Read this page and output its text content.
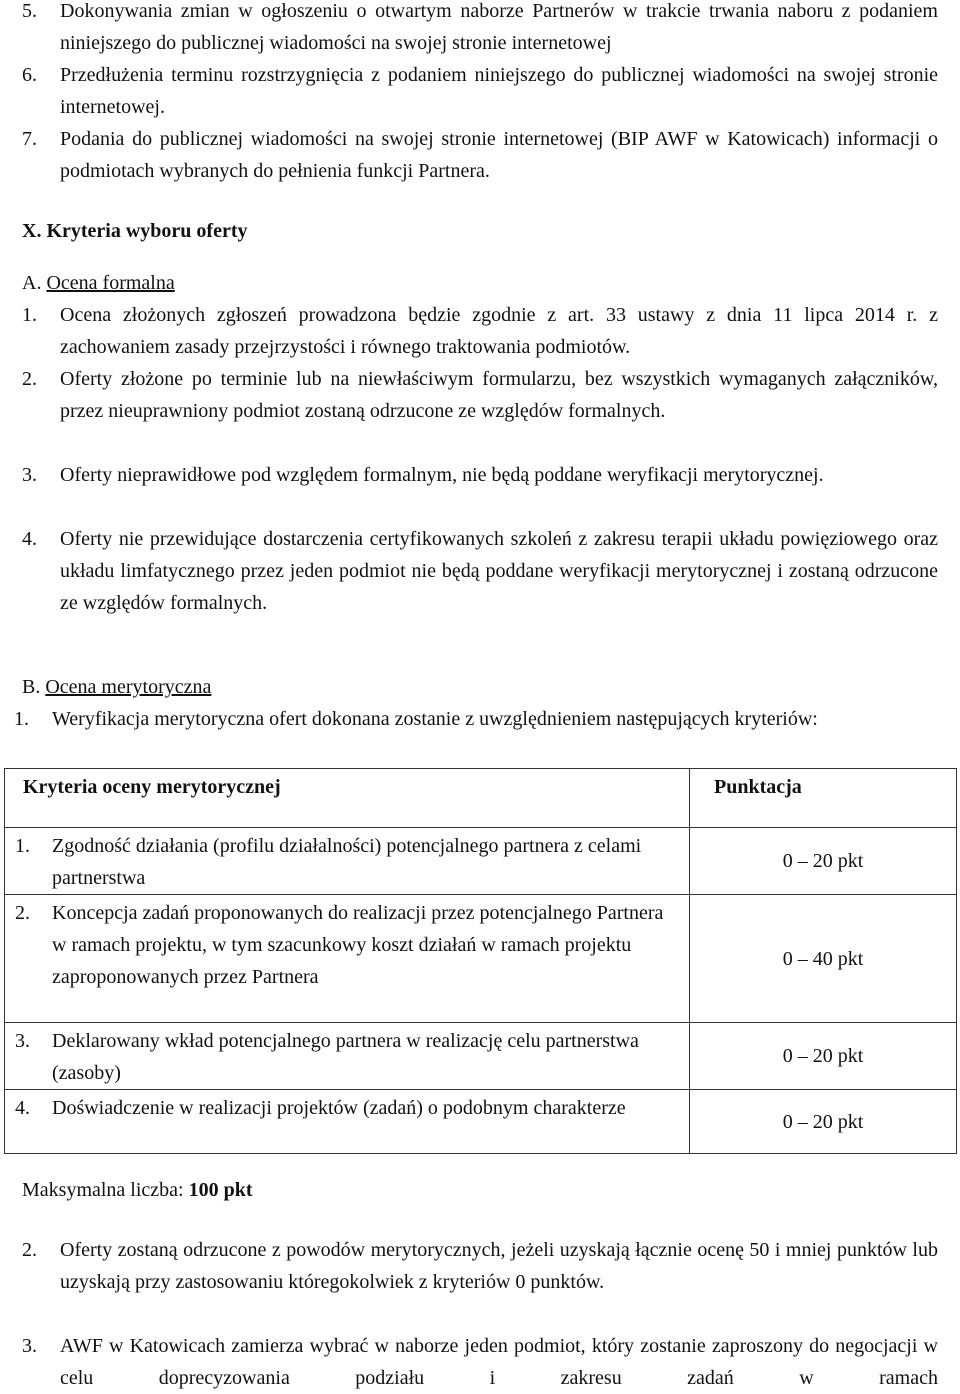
5. Dokonywania zmian w ogłoszeniu o otwartym naborze Partnerów w trakcie trwania naboru z podaniem niniejszego do publicznej wiadomości na swojej stronie internetowej
6. Przedłużenia terminu rozstrzygnięcia z podaniem niniejszego do publicznej wiadomości na swojej stronie internetowej.
7. Podania do publicznej wiadomości na swojej stronie internetowej (BIP AWF w Katowicach) informacji o podmiotach wybranych do pełnienia funkcji Partnera.
X. Kryteria wyboru oferty
A. Ocena formalna
1. Ocena złożonych zgłoszeń prowadzona będzie zgodnie z art. 33 ustawy z dnia 11 lipca 2014 r. z zachowaniem zasady przejrzystości i równego traktowania podmiotów.
2. Oferty złożone po terminie lub na niewłaściwym formularzu, bez wszystkich wymaganych załączników, przez nieuprawniony podmiot zostaną odrzucone ze względów formalnych.
3. Oferty nieprawidłowe pod względem formalnym, nie będą poddane weryfikacji merytorycznej.
4. Oferty nie przewidujące dostarczenia certyfikowanych szkoleń z zakresu terapii układu powięziowego oraz układu limfatycznego przez jeden podmiot nie będą poddane weryfikacji merytorycznej i zostaną odrzucone ze względów formalnych.
B. Ocena merytoryczna
1. Weryfikacja merytoryczna ofert dokonana zostanie z uwzględnieniem następujących kryteriów:
Kryteria oceny merytorycznej	Punktacja

1. Zgodność działania (profilu działalności) potencjalnego partnera z celami partnerstwa	0 – 20 pkt

2. Koncepcja zadań proponowanych do realizacji przez potencjalnego Partnera w ramach projektu, w tym szacunkowy koszt działań w ramach projektu zaproponowanych przez Partnera	0 – 40 pkt

3. Deklarowany wkład potencjalnego partnera w realizację celu partnerstwa (zasoby)	0 – 20 pkt

4. Doświadczenie w realizacji projektów (zadań) o podobnym charakterze	0 – 20 pkt
Maksymalna liczba: 100 pkt
2. Oferty zostaną odrzucone z powodów merytorycznych, jeżeli uzyskają łącznie ocenę 50 i mniej punktów lub uzyskają przy zastosowaniu któregokolwiek z kryteriów 0 punktów.
3. AWF w Katowicach zamierza wybrać w naborze jeden podmiot, który zostanie zaproszony do negocjacji w celu doprecyzowania podziału i zakresu zadań w ramach
